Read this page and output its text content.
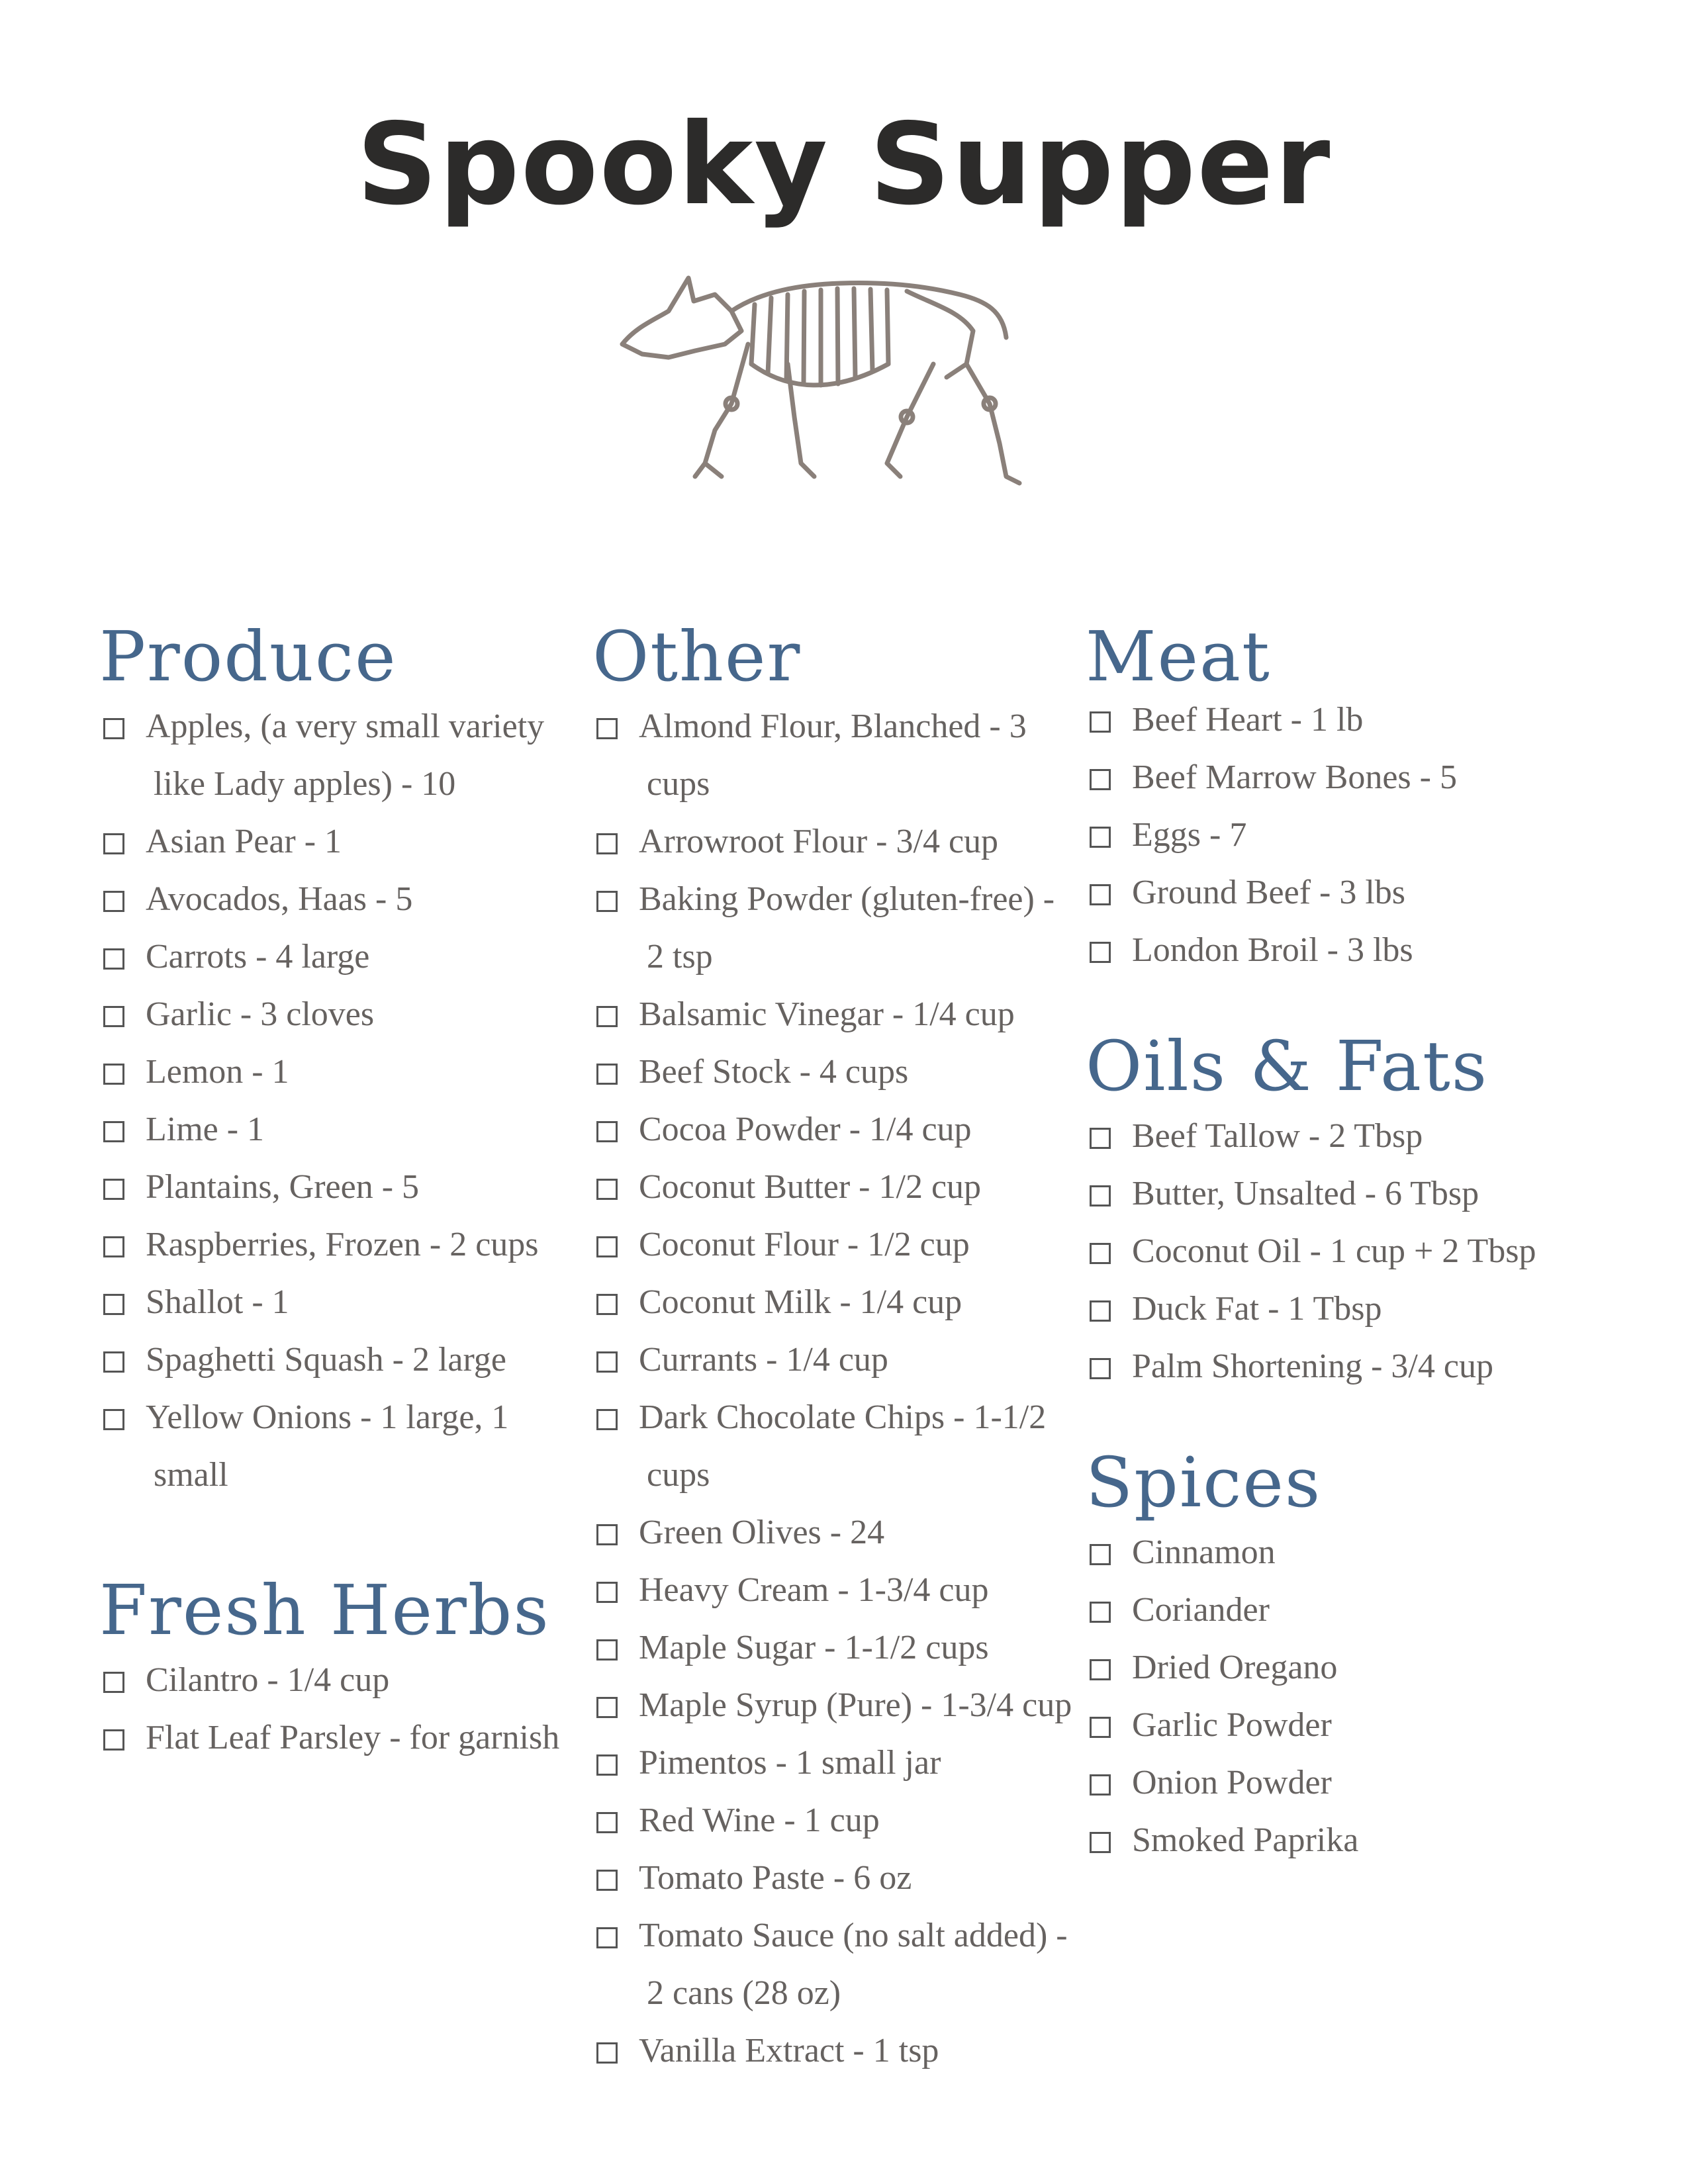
Spooky Supper
Produce
Apples, (a very small variety
like Lady apples) - 10
Asian Pear - 1
Avocados, Haas - 5
Carrots - 4 large
Garlic - 3 cloves
Lemon - 1
Lime - 1
Plantains, Green - 5
Raspberries, Frozen - 2 cups
Shallot - 1
Spaghetti Squash - 2 large
Yellow Onions - 1 large, 1
small
Fresh Herbs
Cilantro - 1/4 cup
Flat Leaf Parsley - for garnish
Other
Almond Flour, Blanched - 3
cups
Arrowroot Flour - 3/4 cup
Baking Powder (gluten-free) -
2 tsp
Balsamic Vinegar - 1/4 cup
Beef Stock - 4 cups
Cocoa Powder - 1/4 cup
Coconut Butter - 1/2 cup
Coconut Flour - 1/2 cup
Coconut Milk - 1/4 cup
Currants - 1/4 cup
Dark Chocolate Chips - 1-1/2
cups
Green Olives - 24
Heavy Cream - 1-3/4 cup
Maple Sugar - 1-1/2 cups
Maple Syrup (Pure) - 1-3/4 cup
Pimentos - 1 small jar
Red Wine - 1 cup
Tomato Paste - 6 oz
Tomato Sauce (no salt added) -
2 cans (28 oz)
Vanilla Extract - 1 tsp
Meat
Beef Heart - 1 lb
Beef Marrow Bones - 5
Eggs - 7
Ground Beef - 3 lbs
London Broil - 3 lbs
Oils & Fats
Beef Tallow - 2 Tbsp
Butter, Unsalted - 6 Tbsp
Coconut Oil - 1 cup + 2 Tbsp
Duck Fat - 1 Tbsp
Palm Shortening - 3/4 cup
Spices
Cinnamon
Coriander
Dried Oregano
Garlic Powder
Onion Powder
Smoked Paprika
